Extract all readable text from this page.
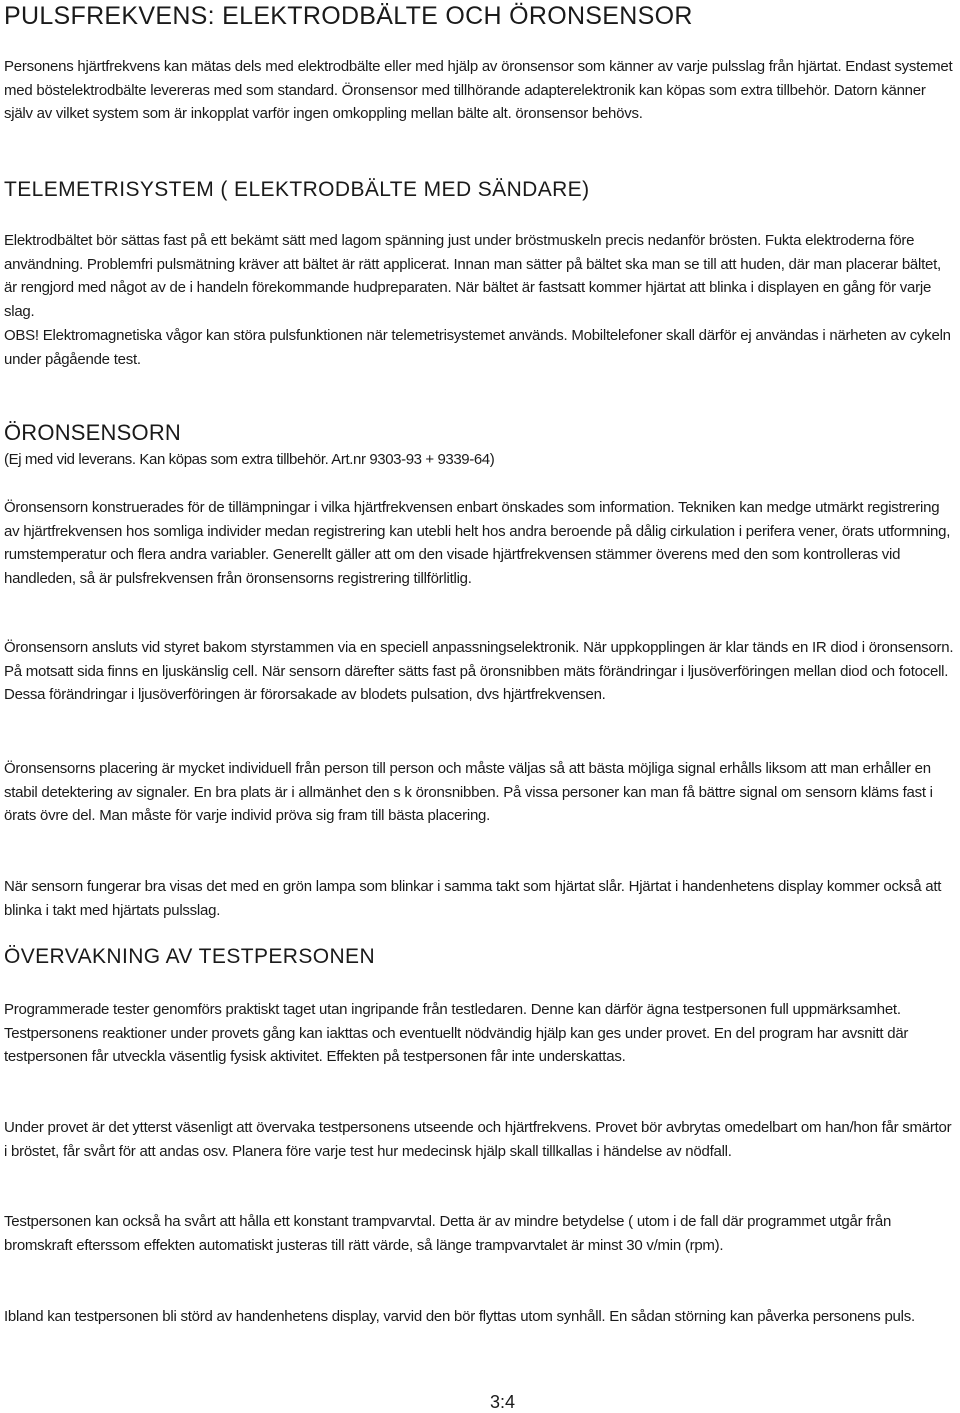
PULSFREKVENS: ELEKTRODBÄLTE OCH ÖRONSENSOR

Personens hjärtfrekvens kan mätas dels med elektrodbälte eller med hjälp av öronsensor som känner av varje pulsslag från hjärtat. Endast systemet med böstelektrodbälte levereras med som standard. Öronsensor med tillhörande adapterelektronik kan köpas som extra tillbehör. Datorn känner själv av vilket system som är inkopplat varför ingen omkoppling mellan bälte alt. öronsensor behövs.

TELEMETRISYSTEM ( ELEKTRODBÄLTE MED SÄNDARE)

Elektrodbältet bör sättas fast på ett bekämt sätt med lagom spänning just under bröstmuskeln precis nedanför brösten. Fukta elektroderna före användning. Problemfri pulsmätning kräver att bältet är rätt applicerat. Innan man sätter på bältet ska man se till att huden, där man placerar bältet, är rengjord med något av de i handeln förekommande hudpreparaten. När bältet är fastsatt kommer hjärtat att blinka i displayen en gång för varje slag.

OBS! Elektromagnetiska vågor kan störa pulsfunktionen när telemetrisystemet används. Mobiltelefoner skall därför ej användas i närheten av cykeln under pågående test.

ÖRONSENSORN

(Ej med vid leverans. Kan köpas som extra tillbehör. Art.nr 9303-93 + 9339-64)

Öronsensorn konstruerades för de tillämpningar i vilka hjärtfrekvensen enbart önskades som information. Tekniken kan medge utmärkt registrering av hjärtfrekvensen hos somliga individer medan registrering kan utebli helt hos andra beroende på dålig cirkulation i perifera vener, örats utformning, rumstemperatur och flera andra variabler. Generellt gäller att om den visade hjärtfrekvensen stämmer överens med den som kontrolleras vid handleden, så är pulsfrekvensen från öronsensorns registrering tillförlitlig.

Öronsensorn ansluts vid styret bakom styrstammen via en speciell anpassningselektronik. När uppkopplingen är klar tänds en IR diod i öronsensorn. På motsatt sida finns en ljuskänslig cell. När sensorn därefter sätts fast på öronsnibben mäts förändringar i ljusöverföringen mellan diod och fotocell. Dessa förändringar i ljusöverföringen är förorsakade av blodets pulsation, dvs hjärtfrekvensen.

Öronsensorns placering är mycket individuell från person till person och måste väljas så att bästa möjliga signal erhålls liksom att man erhåller en stabil detektering av signaler. En bra plats är i allmänhet den s k öronsnibben. På vissa personer kan man få bättre signal om sensorn kläms fast i örats övre del. Man måste för varje individ pröva sig fram till bästa placering.

När sensorn fungerar bra visas det med en grön lampa som blinkar i samma takt som hjärtat slår. Hjärtat i handenhetens display kommer också att blinka i takt med hjärtats pulsslag.

ÖVERVAKNING AV TESTPERSONEN

Programmerade tester genomförs praktiskt taget utan ingripande från testledaren. Denne kan därför ägna testpersonen full uppmärksamhet. Testpersonens reaktioner under provets gång kan iakttas och eventuellt nödvändig hjälp kan ges under provet. En del program har avsnitt där testpersonen får utveckla väsentlig fysisk aktivitet. Effekten på testpersonen får inte underskattas.

Under provet är det ytterst väsenligt att övervaka testpersonens utseende och hjärtfrekvens. Provet bör avbrytas omedelbart om han/hon får smärtor i bröstet, får svårt för att andas osv. Planera före varje test hur medecinsk hjälp skall tillkallas i händelse av nödfall.

Testpersonen kan också ha svårt att hålla ett konstant trampvarvtal. Detta är av mindre betydelse ( utom i de fall där programmet utgår från bromskraft efterssom effekten automatiskt justeras till rätt värde, så länge trampvarvtalet är minst 30 v/min (rpm).

Ibland kan testpersonen bli störd av handenhetens display, varvid den bör flyttas utom synhåll. En sådan störning kan påverka personens puls.

3:4
